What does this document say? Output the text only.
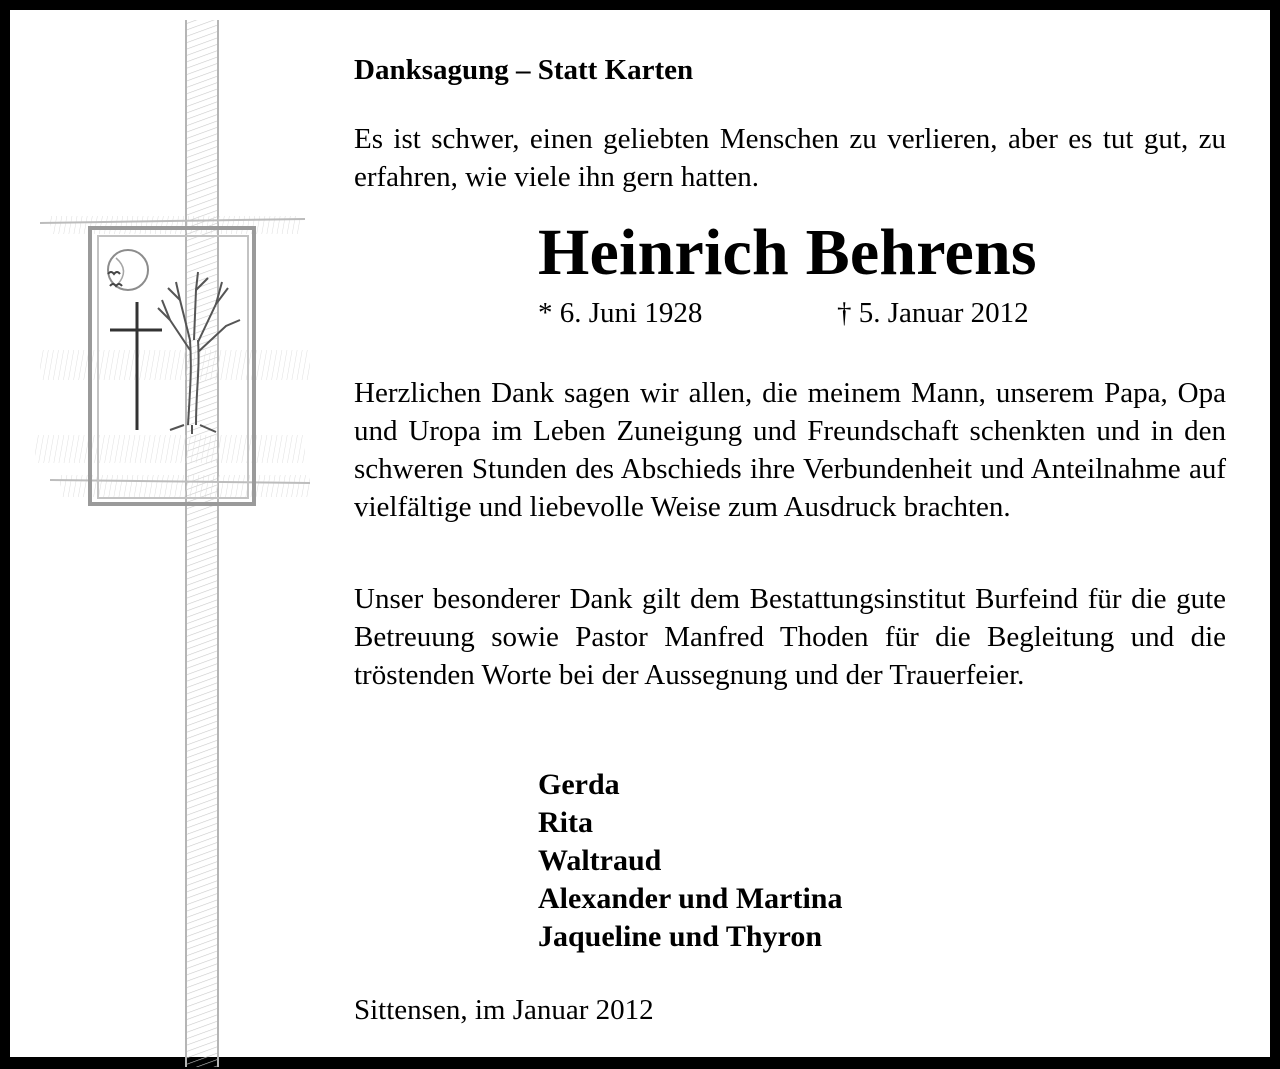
Danksagung – Statt Karten
Es ist schwer, einen geliebten Menschen zu verlieren, aber es tut gut, zu erfahren, wie viele ihn gern hatten.
Heinrich Behrens
* 6. Juni 1928	† 5. Januar 2012

Herzlichen Dank sagen wir allen, die meinem Mann, unserem Papa, Opa und Uropa im Leben Zuneigung und Freundschaft schenkten und in den schweren Stunden des Abschieds ihre Verbundenheit und Anteilnahme auf vielfältige und liebevolle Weise zum Ausdruck brachten.

Unser besonderer Dank gilt dem Bestattungsinstitut Burfeind für die gute Betreuung sowie Pastor Manfred Thoden für die Begleitung und die tröstenden Worte bei der Aussegnung und der Trauerfeier.

Gerda
Rita
Waltraud
Alexander und Martina
Jaqueline und Thyron
Sittensen, im Januar 2012
